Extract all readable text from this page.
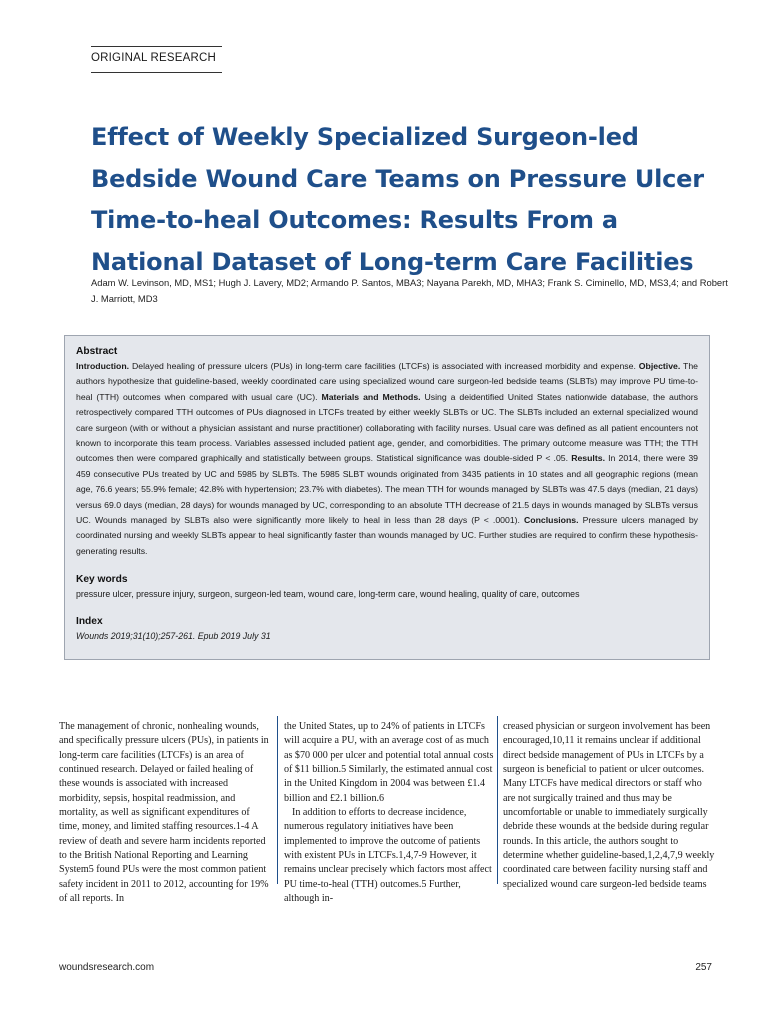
ORIGINAL RESEARCH
Effect of Weekly Specialized Surgeon-led Bedside Wound Care Teams on Pressure Ulcer Time-to-heal Outcomes: Results From a National Dataset of Long-term Care Facilities
Adam W. Levinson, MD, MS1; Hugh J. Lavery, MD2; Armando P. Santos, MBA3; Nayana Parekh, MD, MHA3; Frank S. Ciminello, MD, MS3,4; and Robert J. Marriott, MD3
Abstract
Introduction. Delayed healing of pressure ulcers (PUs) in long-term care facilities (LTCFs) is associated with increased morbidity and expense. Objective. The authors hypothesize that guideline-based, weekly coordinated care using specialized wound care surgeon-led bedside teams (SLBTs) may improve PU time-to-heal (TTH) outcomes when compared with usual care (UC). Materials and Methods. Using a deidentified United States nationwide database, the authors retrospectively compared TTH outcomes of PUs diagnosed in LTCFs treated by either weekly SLBTs or UC. The SLBTs included an external specialized wound care surgeon (with or without a physician assistant and nurse practitioner) collaborating with facility nurses. Usual care was defined as all patient encounters not known to incorporate this team process. Variables assessed included patient age, gender, and comorbidities. The primary outcome measure was TTH; the TTH outcomes then were compared graphically and statistically between groups. Statistical significance was double-sided P < .05. Results. In 2014, there were 39 459 consecutive PUs treated by UC and 5985 by SLBTs. The 5985 SLBT wounds originated from 3435 patients in 10 states and all geographic regions (mean age, 76.6 years; 55.9% female; 42.8% with hypertension; 23.7% with diabetes). The mean TTH for wounds managed by SLBTs was 47.5 days (median, 21 days) versus 69.0 days (median, 28 days) for wounds managed by UC, corresponding to an absolute TTH decrease of 21.5 days in wounds managed by SLBTs versus UC. Wounds managed by SLBTs also were significantly more likely to heal in less than 28 days (P < .0001). Conclusions. Pressure ulcers managed by coordinated nursing and weekly SLBTs appear to heal significantly faster than wounds managed by UC. Further studies are required to confirm these hypothesis-generating results.
Key words
pressure ulcer, pressure injury, surgeon, surgeon-led team, wound care, long-term care, wound healing, quality of care, outcomes
Index
Wounds 2019;31(10);257-261. Epub 2019 July 31

The management of chronic, nonhealing wounds, and specifically pressure ulcers (PUs), in patients in long-term care facilities (LTCFs) is an area of continued research. Delayed or failed healing of these wounds is associated with increased morbidity, sepsis, hospital readmission, and mortality, as well as significant expenditures of time, money, and limited staffing resources.1-4 A review of death and severe harm incidents reported to the British National Reporting and Learning System5 found PUs were the most common patient safety incident in 2011 to 2012, accounting for 19% of all reports. In

the United States, up to 24% of patients in LTCFs will acquire a PU, with an average cost of as much as $70 000 per ulcer and potential total annual costs of $11 billion.5 Similarly, the estimated annual cost in the United Kingdom in 2004 was between £1.4 billion and £2.1 billion.6

In addition to efforts to decrease incidence, numerous regulatory initiatives have been implemented to improve the outcome of patients with existent PUs in LTCFs.1,4,7-9 However, it remains unclear precisely which factors most affect PU time-to-heal (TTH) outcomes.5 Further, although in-

creased physician or surgeon involvement has been encouraged,10,11 it remains unclear if additional direct bedside management of PUs in LTCFs by a surgeon is beneficial to patient or ulcer outcomes. Many LTCFs have medical directors or staff who are not surgically trained and thus may be uncomfortable or unable to immediately surgically debride these wounds at the bedside during regular rounds. In this article, the authors sought to determine whether guideline-based,1,2,4,7,9 weekly coordinated care between facility nursing staff and specialized wound care surgeon-led bedside teams

woundsresearch.com	257
